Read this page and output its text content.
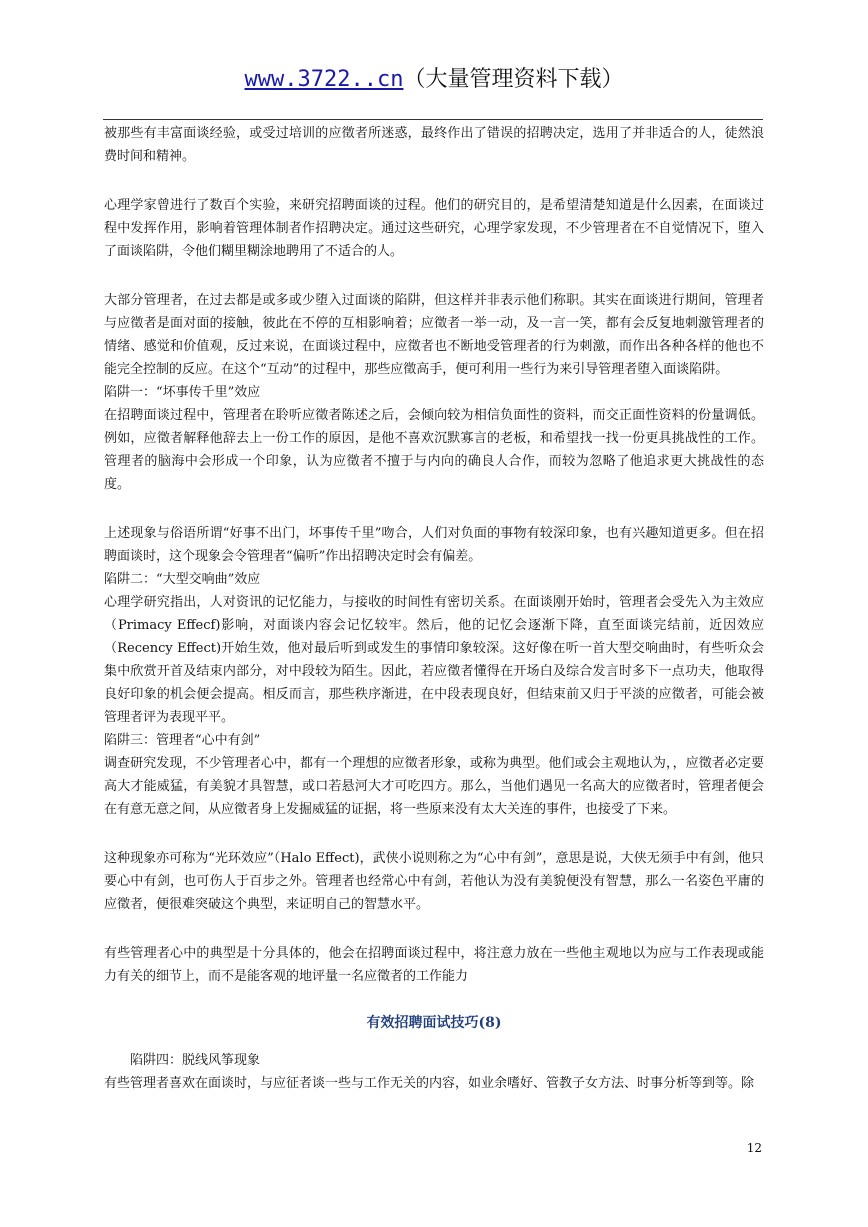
www.3722..cn（大量管理资料下载）

被那些有丰富面谈经验，或受过培训的应徵者所迷惑，最终作出了错误的招聘决定，选用了并非适合的人，徒然浪费时间和精神。

心理学家曾进行了数百个实验，来研究招聘面谈的过程。他们的研究目的，是希望清楚知道是什么因素，在面谈过程中发挥作用，影响着管理体制者作招聘决定。通过这些研究，心理学家发现，不少管理者在不自觉情况下，堕入了面谈陷阱，令他们糊里糊涂地聘用了不适合的人。

大部分管理者，在过去都是或多或少堕入过面谈的陷阱，但这样并非表示他们称职。其实在面谈进行期间，管理者与应徵者是面对面的接触，彼此在不停的互相影响着；应徵者一举一动，及一言一笑，都有会反复地刺激管理者的情绪、感觉和价值观，反过来说，在面谈过程中，应徵者也不断地受管理者的行为刺激，而作出各种各样的他也不能完全控制的反应。在这个“互动”的过程中，那些应徵高手，便可利用一些行为来引导管理者堕入面谈陷阱。

陷阱一：“坏事传千里”效应

在招聘面谈过程中，管理者在聆听应徵者陈述之后，会倾向较为相信负面性的资料，而交正面性资料的份量调低。例如，应徵者解释他辞去上一份工作的原因，是他不喜欢沉默寡言的老板，和希望找一找一份更具挑战性的工作。管理者的脑海中会形成一个印象，认为应徵者不擅于与内向的确良人合作，而较为忽略了他追求更大挑战性的态度。

上述现象与俗语所谓“好事不出门，坏事传千里”吻合，人们对负面的事物有较深印象，也有兴趣知道更多。但在招聘面谈时，这个现象会令管理者“偏听”作出招聘决定时会有偏差。

陷阱二：“大型交响曲”效应

心理学研究指出，人对资讯的记忆能力，与接收的时间性有密切关系。在面谈刚开始时，管理者会受先入为主效应（Primacy Effecf)影响，对面谈内容会记忆较牢。然后，他的记忆会逐渐下降，直至面谈完结前，近因效应（Recency Effect)开始生效，他对最后听到或发生的事情印象较深。这好像在听一首大型交响曲时，有些听众会集中欣赏开首及结束内部分，对中段较为陌生。因此，若应徵者懂得在开场白及综合发言时多下一点功夫，他取得良好印象的机会便会提高。相反而言，那些秩序渐进，在中段表现良好，但结束前又归于平淡的应徵者，可能会被管理者评为表现平平。

陷阱三：管理者“心中有剑”

调查研究发现，不少管理者心中，都有一个理想的应徵者形象，或称为典型。他们或会主观地认为，，应徵者必定要高大才能威猛，有美貌才具智慧，或口若悬河大才可吃四方。那么，当他们遇见一名高大的应徵者时，管理者便会在有意无意之间，从应徵者身上发掘威猛的证据，将一些原来没有太大关连的事件，也接受了下来。

这种现象亦可称为“光环效应”（Halo Effect)，武侠小说则称之为“心中有剑”，意思是说，大侠无须手中有剑，他只要心中有剑，也可伤人于百步之外。管理者也经常心中有剑，若他认为没有美貌便没有智慧，那么一名姿色平庸的应徵者，便很难突破这个典型，来证明自己的智慧水平。

有些管理者心中的典型是十分具体的，他会在招聘面谈过程中，将注意力放在一些他主观地以为应与工作表现或能力有关的细节上，而不是能客观的地评量一名应徵者的工作能力

有效招聘面试技巧(8)

陷阱四：脱线风筝现象

有些管理者喜欢在面谈时，与应征者谈一些与工作无关的内容，如业余嗜好、管教子女方法、时事分析等到等。除

12
